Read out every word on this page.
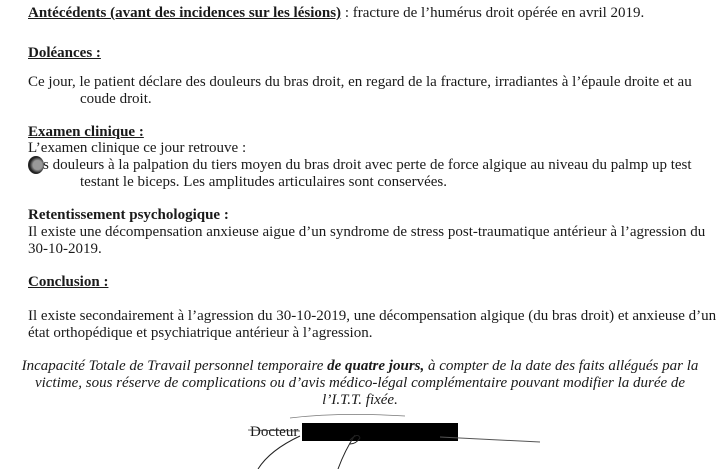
Antécédents (avant des incidences sur les lésions) : fracture de l’humérus droit opérée en avril 2019.
Doléances :
Ce jour, le patient déclare des douleurs du bras droit, en regard de la fracture, irradiantes à l’épaule droite et au
coude droit.
Examen clinique :
L’examen clinique ce jour retrouve :
s douleurs à la palpation du tiers moyen du bras droit avec perte de force algique au niveau du palmp up test
testant le biceps. Les amplitudes articulaires sont conservées.
Retentissement psychologique :
Il existe une décompensation anxieuse aigue d’un syndrome de stress post-traumatique antérieur à l’agression du
30-10-2019.
Conclusion :
Il existe secondairement à l’agression du 30-10-2019, une décompensation algique (du bras droit) et anxieuse d’un
état orthopédique et psychiatrique antérieur à l’agression.
Incapacité Totale de Travail personnel temporaire de quatre jours, à compter de la date des faits allégués par la
victime, sous réserve de complications ou d’avis médico-légal complémentaire pouvant modifier la durée de
l’I.T.T. fixée.
Docteur
